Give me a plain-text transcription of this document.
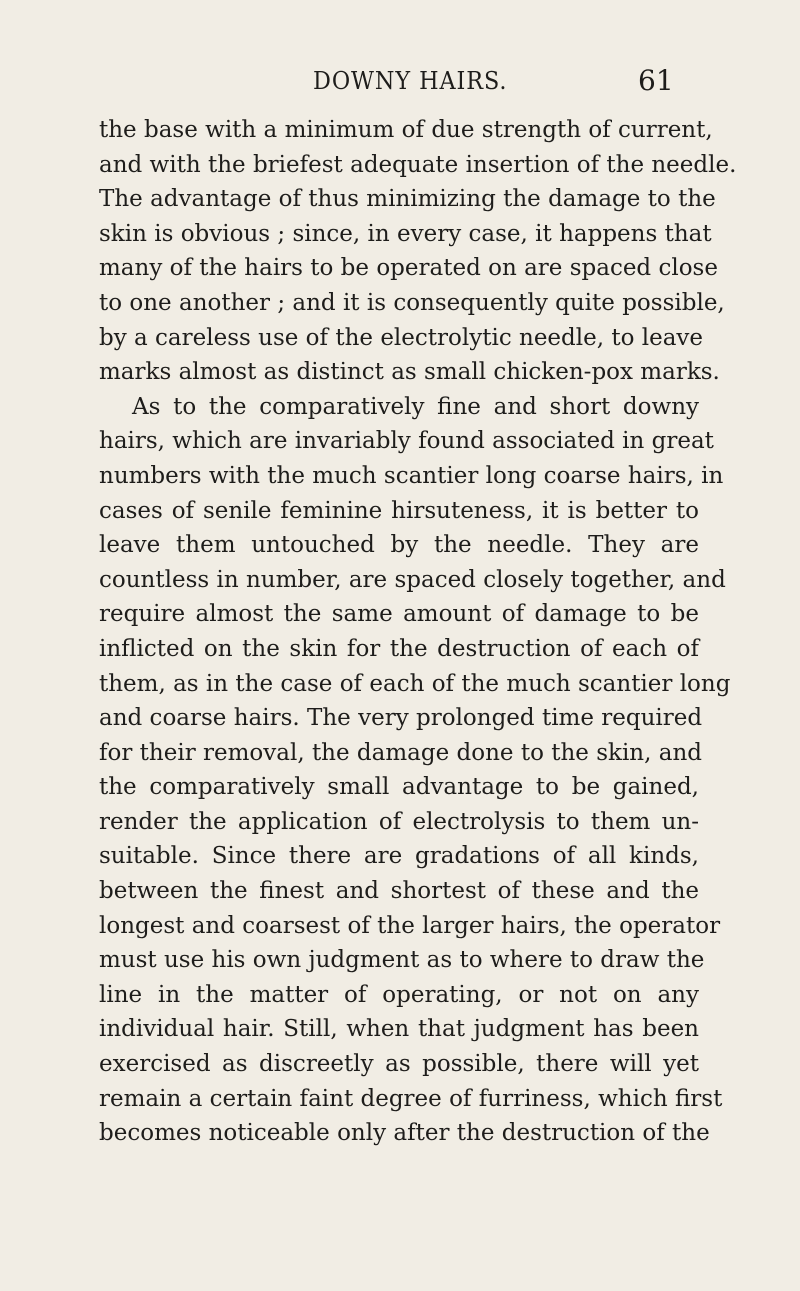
DOWNY HAIRS.	61
the base with a minimum of due strength of current,
and with the briefest adequate insertion of the needle.
The advantage of thus minimizing the damage to the
skin is obvious ; since, in every case, it happens that
many of the hairs to be operated on are spaced close
to one another ; and it is consequently quite possible,
by a careless use of the electrolytic needle, to leave
marks almost as distinct as small chicken-pox marks.
As to the comparatively fine and short downy
hairs, which are invariably found associated in great
numbers with the much scantier long coarse hairs, in
cases of senile feminine hirsuteness, it is better to
leave them untouched by the needle. They are
countless in number, are spaced closely together, and
require almost the same amount of damage to be
inflicted on the skin for the destruction of each of
them, as in the case of each of the much scantier long
and coarse hairs. The very prolonged time required
for their removal, the damage done to the skin, and
the comparatively small advantage to be gained,
render the application of electrolysis to them un-
suitable. Since there are gradations of all kinds,
between the finest and shortest of these and the
longest and coarsest of the larger hairs, the operator
must use his own judgment as to where to draw the
line in the matter of operating, or not on any
individual hair. Still, when that judgment has been
exercised as discreetly as possible, there will yet
remain a certain faint degree of furriness, which first
becomes noticeable only after the destruction of the
